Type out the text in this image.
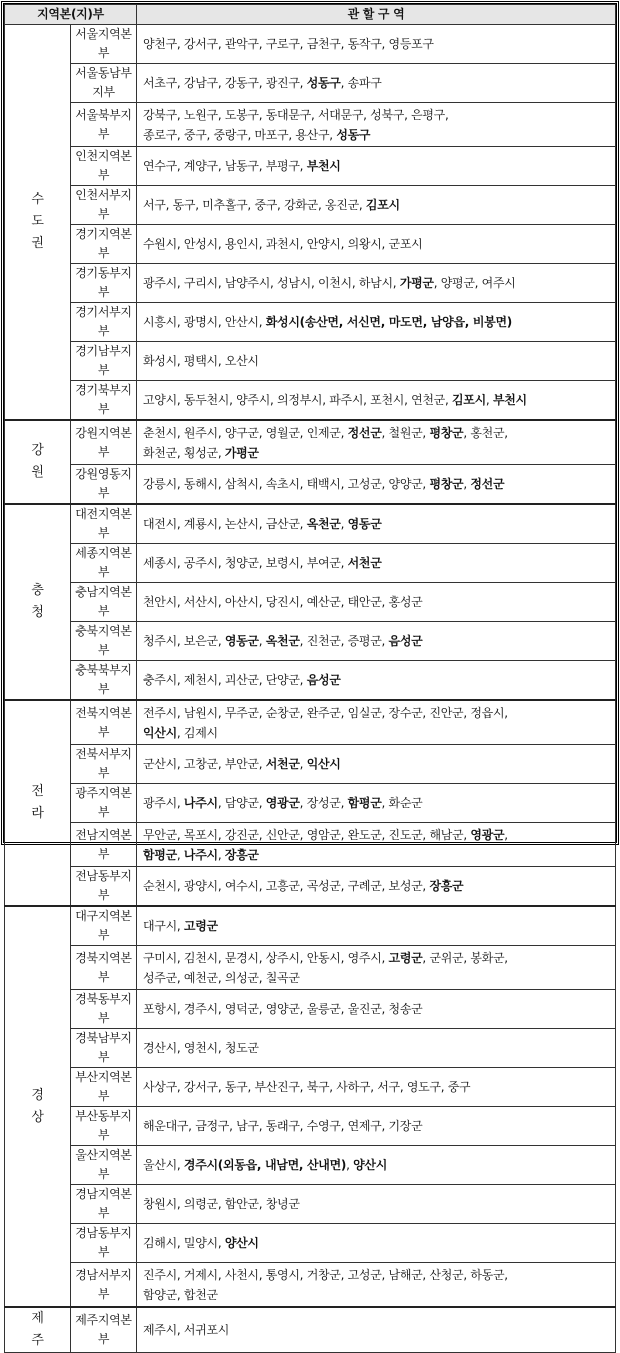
지역본(지)부		관 할 구 역
수도권	서울지역본부	양천구, 강서구, 관악구, 구로구, 금천구, 동작구, 영등포구

	서울동남부지부	서초구, 강남구, 강동구, 광진구, 성동구, 송파구

	서울북부지부	강북구, 노원구, 도봉구, 동대문구, 서대문구, 성북구, 은평구,
종로구, 중구, 중랑구, 마포구, 용산구, 성동구

	인천지역본부	연수구, 계양구, 남동구, 부평구, 부천시

	인천서부지부	서구, 동구, 미추홀구, 중구, 강화군, 옹진군, 김포시

	경기지역본부	수원시, 안성시, 용인시, 과천시, 안양시, 의왕시, 군포시

	경기동부지부	광주시, 구리시, 남양주시, 성남시, 이천시, 하남시, 가평군, 양평군, 여주시

	경기서부지부	시흥시, 광명시, 안산시, 화성시(송산면, 서신면, 마도면, 남양읍, 비봉면)

	경기남부지부	화성시, 평택시, 오산시

	경기북부지부	고양시, 동두천시, 양주시, 의정부시, 파주시, 포천시, 연천군, 김포시, 부천시

강원	강원지역본부	춘천시, 원주시, 양구군, 영월군, 인제군, 정선군, 철원군, 평창군, 홍천군,
화천군, 횡성군, 가평군

	강원영동지부	강릉시, 동해시, 삼척시, 속초시, 태백시, 고성군, 양양군, 평창군, 정선군

충청	대전지역본부	대전시, 계룡시, 논산시, 금산군, 옥천군, 영동군

	세종지역본부	세종시, 공주시, 청양군, 보령시, 부여군, 서천군

	충남지역본부	천안시, 서산시, 아산시, 당진시, 예산군, 태안군, 홍성군

	충북지역본부	청주시, 보은군, 영동군, 옥천군, 진천군, 증평군, 음성군

	충북북부지부	충주시, 제천시, 괴산군, 단양군, 음성군

전라	전북지역본부	전주시, 남원시, 무주군, 순창군, 완주군, 임실군, 장수군, 진안군, 정읍시,
익산시, 김제시

	전북서부지부	군산시, 고창군, 부안군, 서천군, 익산시

	광주지역본부	광주시, 나주시, 담양군, 영광군, 장성군, 함평군, 화순군

	전남지역본부	무안군, 목포시, 강진군, 신안군, 영암군, 완도군, 진도군, 해남군, 영광군,
함평군, 나주시, 장흥군

	전남동부지부	순천시, 광양시, 여수시, 고흥군, 곡성군, 구례군, 보성군, 장흥군

경상	대구지역본부	대구시, 고령군

	경북지역본부	구미시, 김천시, 문경시, 상주시, 안동시, 영주시, 고령군, 군위군, 봉화군,
성주군, 예천군, 의성군, 칠곡군

	경북동부지부	포항시, 경주시, 영덕군, 영양군, 울릉군, 울진군, 청송군

	경북남부지부	경산시, 영천시, 청도군

	부산지역본부	사상구, 강서구, 동구, 부산진구, 북구, 사하구, 서구, 영도구, 중구

	부산동부지부	해운대구, 금정구, 남구, 동래구, 수영구, 연제구, 기장군

	울산지역본부	울산시, 경주시(외동읍, 내남면, 산내면), 양산시

	경남지역본부	창원시, 의령군, 함안군, 창녕군

	경남동부지부	김해시, 밀양시, 양산시

	경남서부지부	진주시, 거제시, 사천시, 통영시, 거창군, 고성군, 남해군, 산청군, 하동군,
함양군, 합천군

제주	제주지역본부	제주시, 서귀포시
